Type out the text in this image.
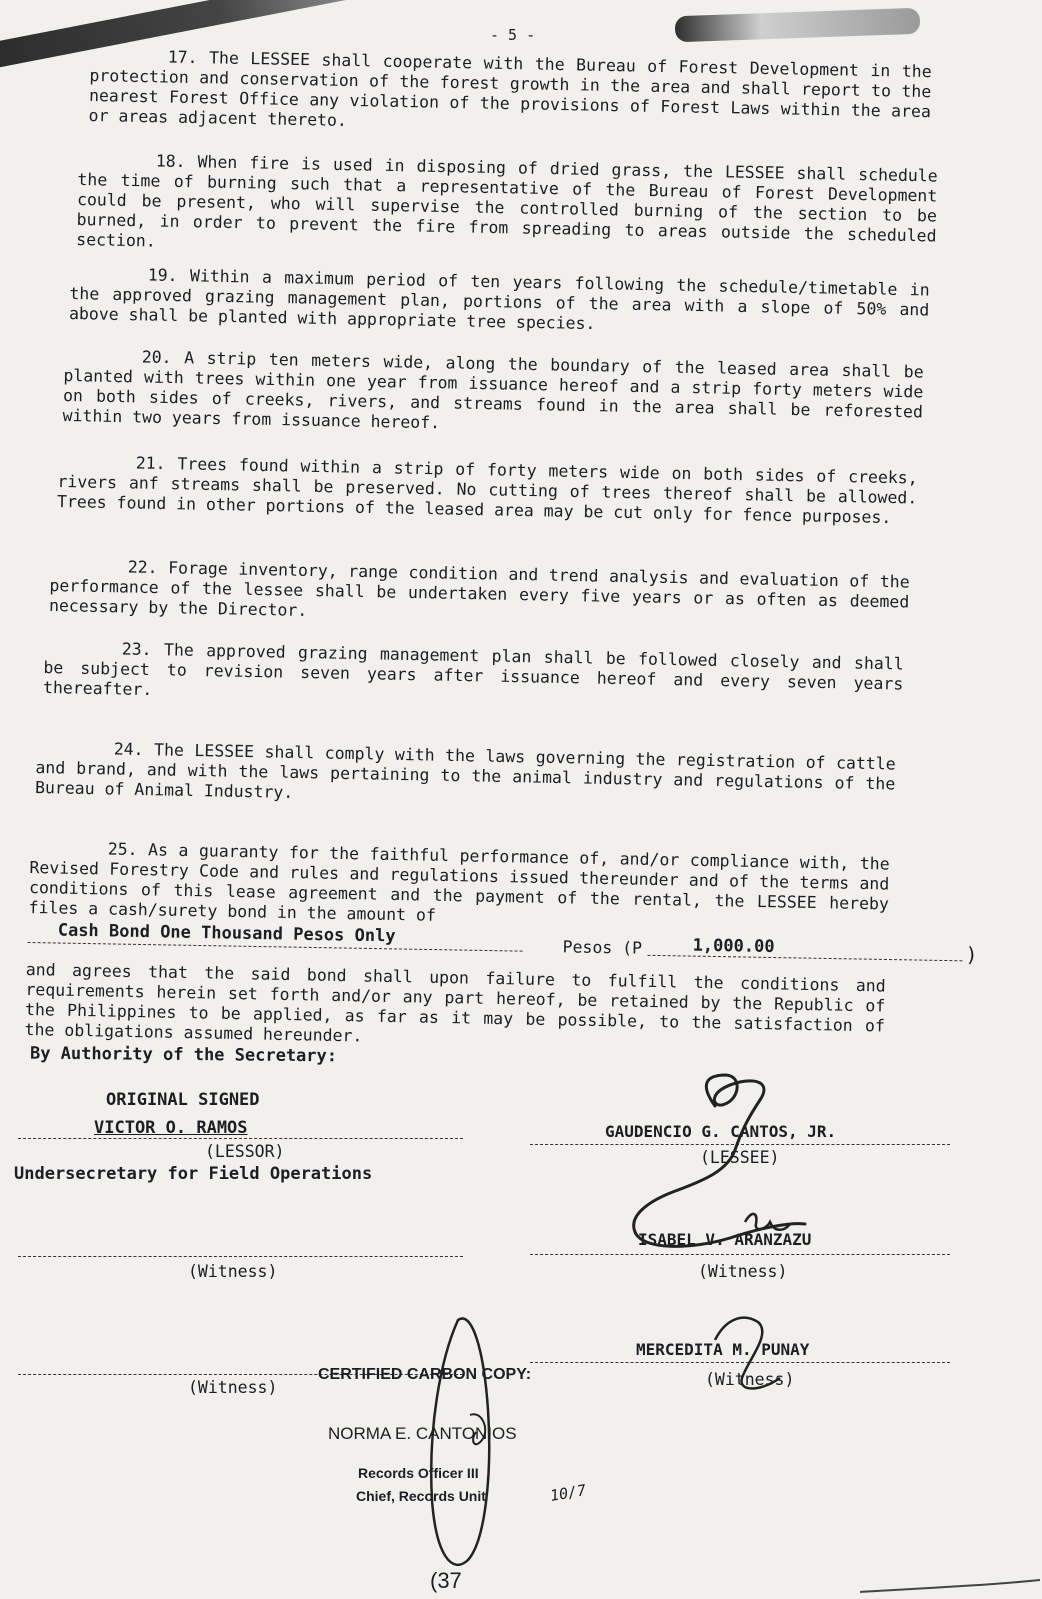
- 5 -

17. The LESSEE shall cooperate with the Bureau of Forest Development in the protection and conservation of the forest growth in the area and shall report to the nearest Forest Office any violation of the provisions of Forest Laws within the area or areas adjacent thereto.

18. When fire is used in disposing of dried grass, the LESSEE shall schedule the time of burning such that a representative of the Bureau of Forest Development could be present, who will supervise the controlled burning of the section to be burned, in order to prevent the fire from spreading to areas outside the scheduled section.

19. Within a maximum period of ten years following the schedule/timetable in the approved grazing management plan, portions of the area with a slope of 50% and above shall be planted with appropriate tree species.

20. A strip ten meters wide, along the boundary of the leased area shall be planted with trees within one year from issuance hereof and a strip forty meters wide on both sides of creeks, rivers, and streams found in the area shall be reforested within two years from issuance hereof.

21. Trees found within a strip of forty meters wide on both sides of creeks, rivers anf streams shall be preserved. No cutting of trees thereof shall be allowed. Trees found in other portions of the leased area may be cut only for fence purposes.

22. Forage inventory, range condition and trend analysis and evaluation of the performance of the lessee shall be undertaken every five years or as often as deemed necessary by the Director.

23. The approved grazing management plan shall be followed closely and shall be subject to revision seven years after issuance hereof and every seven years thereafter.

24. The LESSEE shall comply with the laws governing the registration of cattle and brand, and with the laws pertaining to the animal industry and regulations of the Bureau of Animal Industry.

25. As a guaranty for the faithful performance of, and/or compliance with, the Revised Forestry Code and rules and regulations issued thereunder and of the terms and conditions of this lease agreement and the payment of the rental, the LESSEE hereby files a cash/surety bond in the amount of

Cash Bond One Thousand Pesos Only
Pesos (P	1,000.00	)

and agrees that the said bond shall upon failure to fulfill the conditions and requirements herein set forth and/or any part hereof, be retained by the Republic of the Philippines to be applied, as far as it may be possible, to the satisfaction of the obligations assumed hereunder.

By Authority of the Secretary:
ORIGINAL SIGNED
VICTOR O. RAMOS
(LESSOR)
Undersecretary for Field Operations
GAUDENCIO G. CANTOS, JR.
(LESSEE)
ISABEL V. ARANZAZU
(Witness)	(Witness)
MERCEDITA M. PUNAY
CERTIFIED CARBON COPY:
(Witness)	(Witness)
NORMA E. CANTONIOS
Records Officer III
Chief, Records Unit	10/7
(37
